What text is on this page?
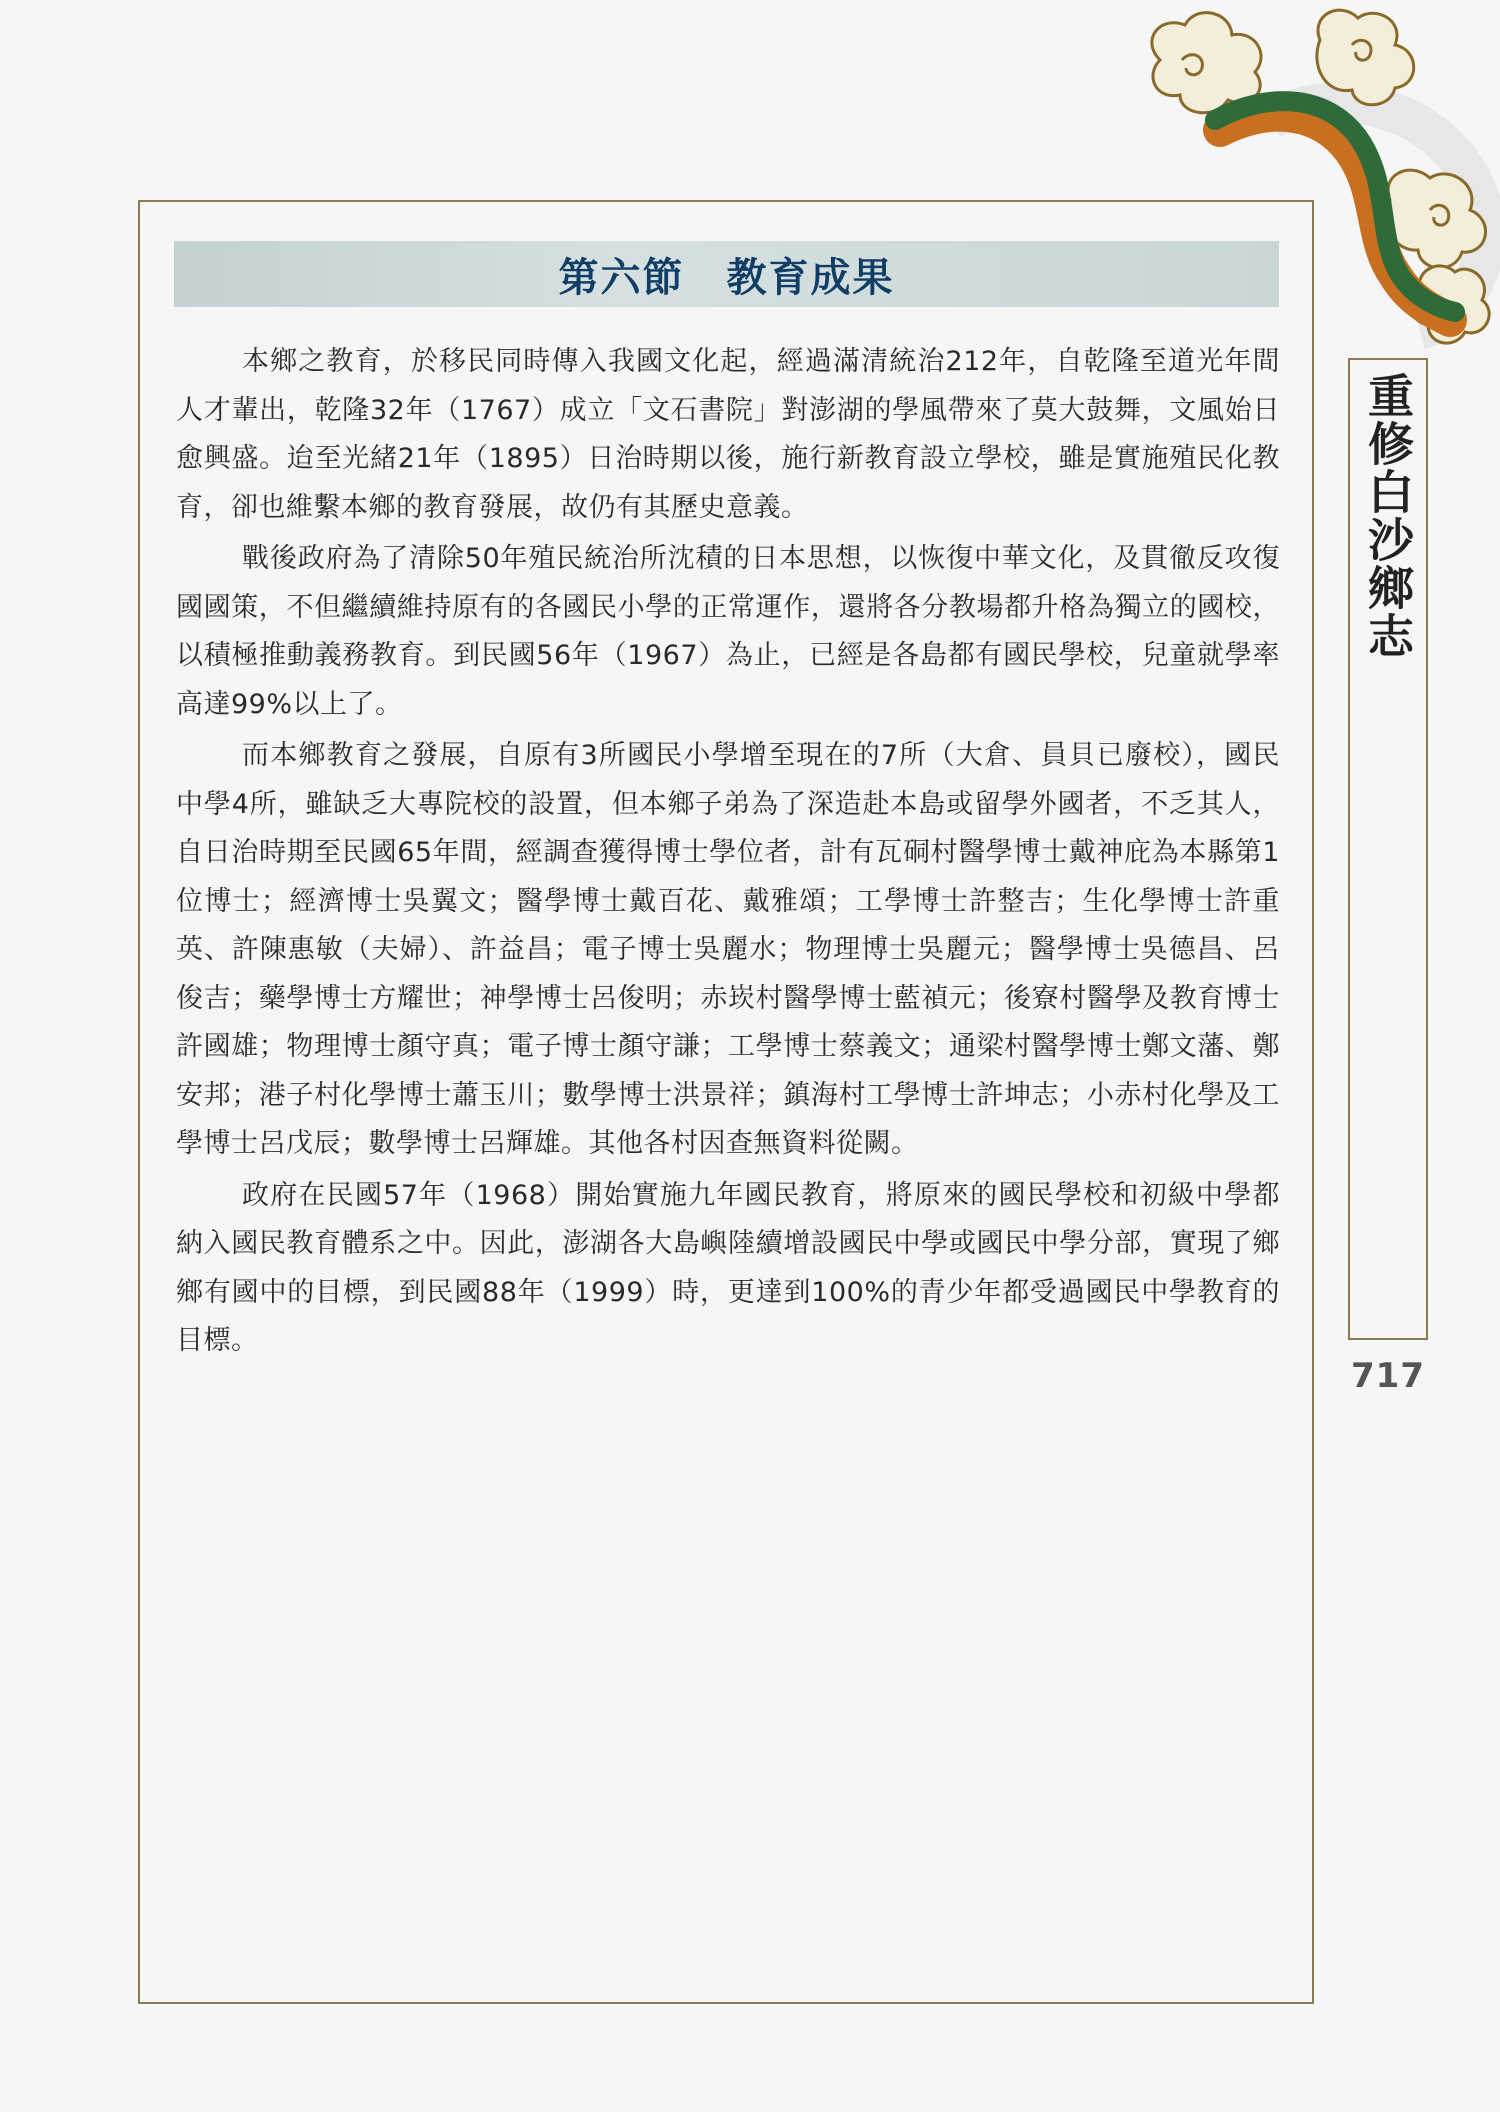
第六節　教育成果

本鄉之教育，於移民同時傳入我國文化起，經過滿清統治212年，自乾隆至道光年間人才輩出，乾隆32年（1767）成立「文石書院」對澎湖的學風帶來了莫大鼓舞，文風始日愈興盛。迨至光緒21年（1895）日治時期以後，施行新教育設立學校，雖是實施殖民化教育，卻也維繫本鄉的教育發展，故仍有其歷史意義。

戰後政府為了清除50年殖民統治所沈積的日本思想，以恢復中華文化，及貫徹反攻復國國策，不但繼續維持原有的各國民小學的正常運作，還將各分教場都升格為獨立的國校，以積極推動義務教育。到民國56年（1967）為止，已經是各島都有國民學校，兒童就學率高達99%以上了。

而本鄉教育之發展，自原有3所國民小學增至現在的7所（大倉、員貝已廢校），國民中學4所，雖缺乏大專院校的設置，但本鄉子弟為了深造赴本島或留學外國者，不乏其人，自日治時期至民國65年間，經調查獲得博士學位者，計有瓦硐村醫學博士戴神庇為本縣第1位博士；經濟博士吳翼文；醫學博士戴百花、戴雅頌；工學博士許整吉；生化學博士許重英、許陳惠敏（夫婦）、許益昌；電子博士吳麗水；物理博士吳麗元；醫學博士吳德昌、呂俊吉；藥學博士方耀世；神學博士呂俊明；赤崁村醫學博士藍禎元；後寮村醫學及教育博士許國雄；物理博士顏守真；電子博士顏守謙；工學博士蔡義文；通梁村醫學博士鄭文藩、鄭安邦；港子村化學博士蕭玉川；數學博士洪景祥；鎮海村工學博士許坤志；小赤村化學及工學博士呂戊辰；數學博士呂輝雄。其他各村因查無資料從闕。

政府在民國57年（1968）開始實施九年國民教育，將原來的國民學校和初級中學都納入國民教育體系之中。因此，澎湖各大島嶼陸續增設國民中學或國民中學分部，實現了鄉鄉有國中的目標，到民國88年（1999）時，更達到100%的青少年都受過國民中學教育的目標。

重修白沙鄉志
717
